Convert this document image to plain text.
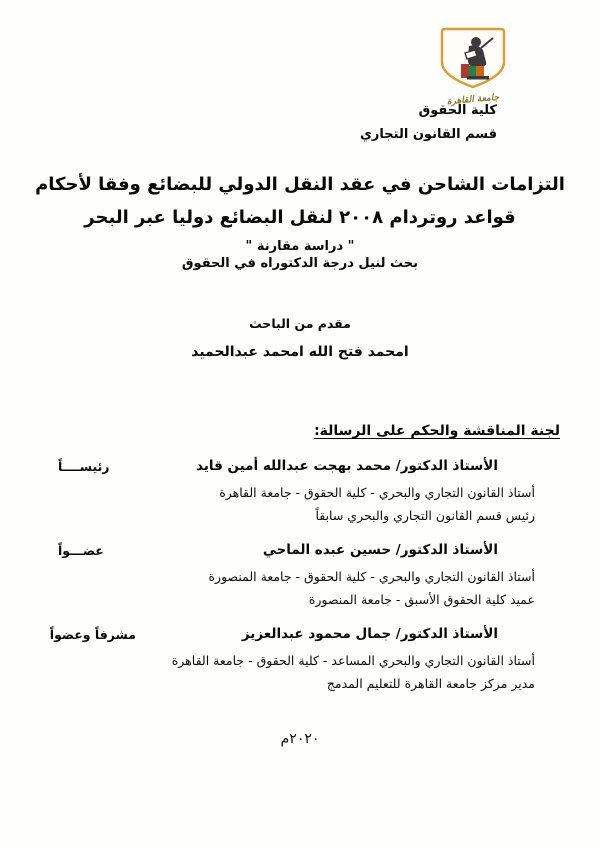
جامعة القاهرة
كلية الحقوق
قسم القانون التجاري
التزامات الشاحن في عقد النقل الدولي للبضائع وفقا لأحكام
قواعد روتردام ٢٠٠٨ لنقل البضائع دوليا عبر البحر
" دراسة مقارنة "
بحث لنيل درجة الدكتوراه في الحقوق
مقدم من الباحث
امحمد فتح الله امحمد عبدالحميد
لجنة المناقشة والحكم على الرسالة:
الأستاذ الدكتور/ محمد بهجت عبدالله أمين قايد
رئيســــاً
أستاذ القانون التجاري والبحري - كلية الحقوق - جامعة القاهرة
رئيس قسم القانون التجاري والبحري سابقاً
الأستاذ الدكتور/ حسين عبده الماحي
عضـــواً
أستاذ القانون التجاري والبحري - كلية الحقوق - جامعة المنصورة
عميد كلية الحقوق الأسبق - جامعة المنصورة
الأستاذ الدكتور/ جمال محمود عبدالعزيز
مشرفاً وعضواً
أستاذ القانون التجاري والبحري المساعد - كلية الحقوق - جامعة القاهرة
مدير مركز جامعة القاهرة للتعليم المدمج
٢٠٢٠م
